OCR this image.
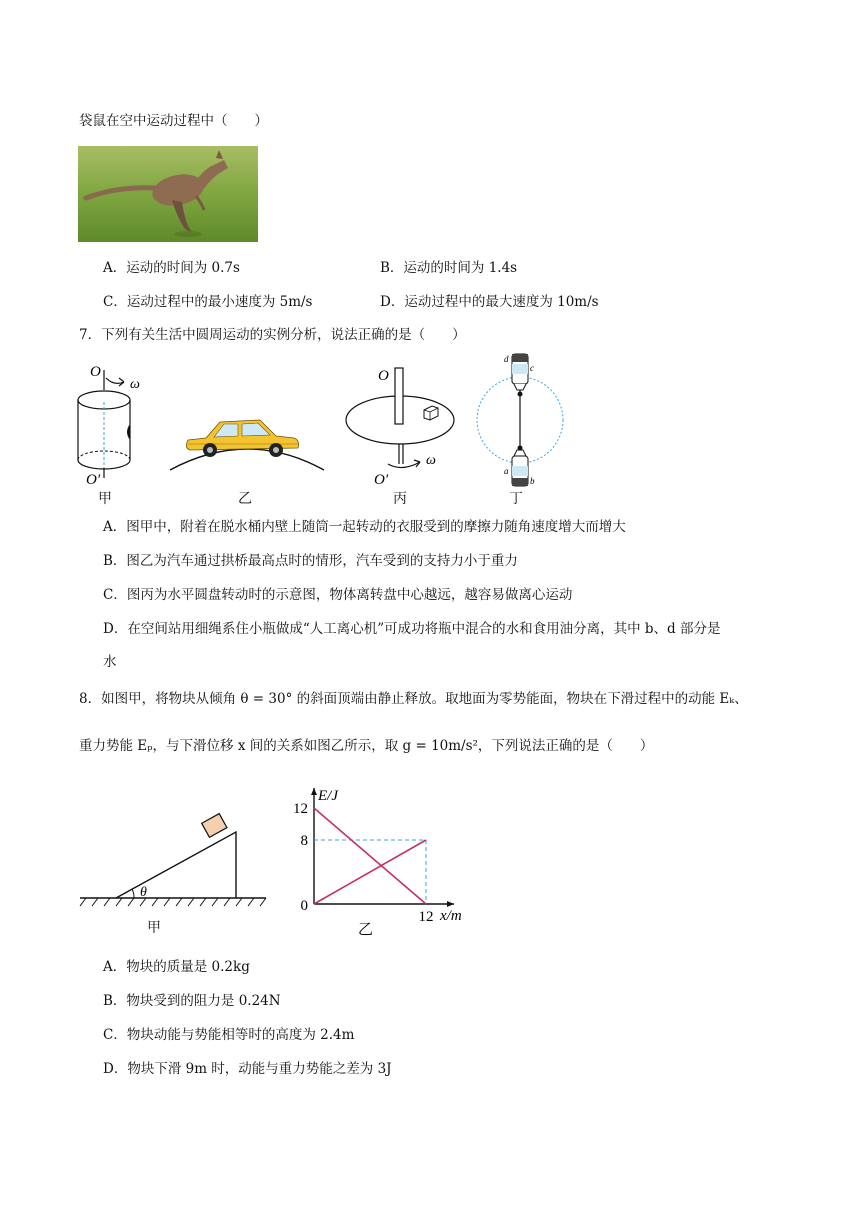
袋鼠在空中运动过程中（　　）
A．运动的时间为 0.7s	B．运动的时间为 1.4s
C．运动过程中的最小速度为 5m/s	D．运动过程中的最大速度为 10m/s
7．下列有关生活中圆周运动的实例分析，说法正确的是（　　）
O
ω
O′
甲	乙
O
ω
O′
丙
d
c
a
b
丁
A．图甲中，附着在脱水桶内壁上随筒一起转动的衣服受到的摩擦力随角速度增大而增大
B．图乙为汽车通过拱桥最高点时的情形，汽车受到的支持力小于重力
C．图丙为水平圆盘转动时的示意图，物体离转盘中心越远，越容易做离心运动
D．在空间站用细绳系住小瓶做成“人工离心机”可成功将瓶中混合的水和食用油分离，其中 b、d 部分是
水
8．如图甲，将物块从倾角 θ = 30° 的斜面顶端由静止释放。取地面为零势能面，物块在下滑过程中的动能 Eₖ、
重力势能 Eₚ，与下滑位移 x 间的关系如图乙所示，取 g = 10m/s²，下列说法正确的是（　　）
θ
甲
E/J
x/m
12
8
0
12
乙
A．物块的质量是 0.2kg
B．物块受到的阻力是 0.24N
C．物块动能与势能相等时的高度为 2.4m
D．物块下滑 9m 时，动能与重力势能之差为 3J
